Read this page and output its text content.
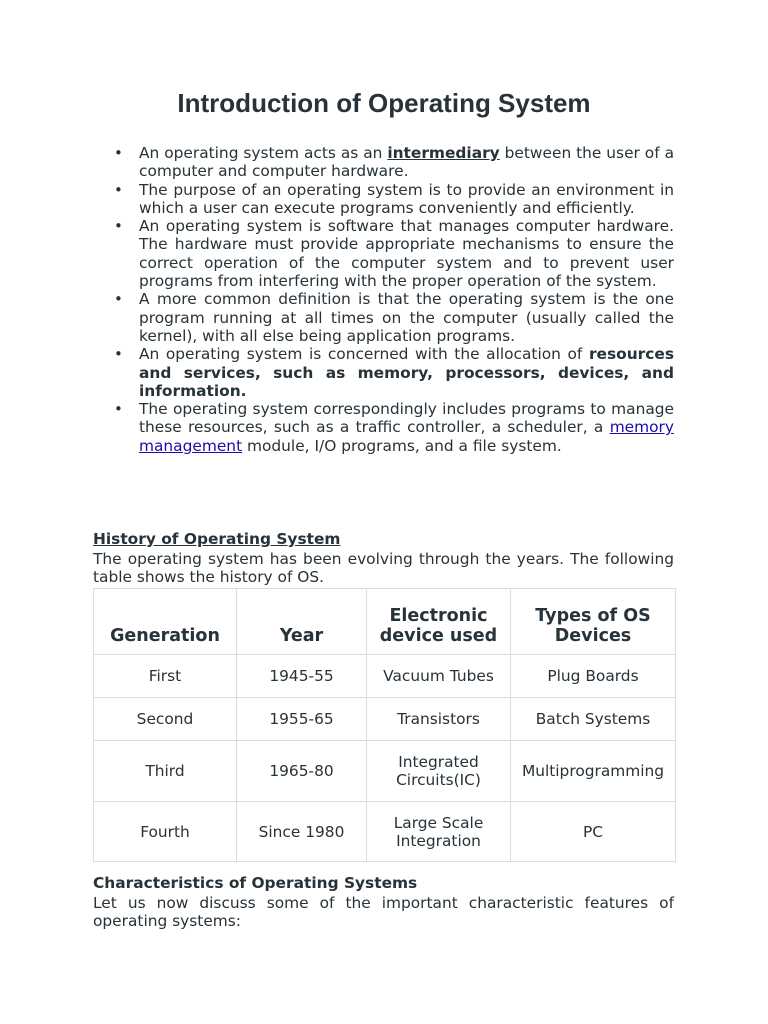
Introduction of Operating System
• An operating system acts as an intermediary between the user of a computer and computer hardware.
• The purpose of an operating system is to provide an environment in which a user can execute programs conveniently and efficiently.
• An operating system is software that manages computer hardware. The hardware must provide appropriate mechanisms to ensure the correct operation of the computer system and to prevent user programs from interfering with the proper operation of the system.
• A more common definition is that the operating system is the one program running at all times on the computer (usually called the kernel), with all else being application programs.
• An operating system is concerned with the allocation of resources and services, such as memory, processors, devices, and information.
• The operating system correspondingly includes programs to manage these resources, such as a traffic controller, a scheduler, a memory management module, I/O programs, and a file system.
History of Operating System

The operating system has been evolving through the years. The following table shows the history of OS.

Generation	Year	Electronic device used	Types of OS Devices
First	1945-55	Vacuum Tubes	Plug Boards
Second	1955-65	Transistors	Batch Systems
Third	1965-80	Integrated Circuits(IC)	Multiprogramming
Fourth	Since 1980	Large Scale Integration	PC
Characteristics of Operating Systems

Let us now discuss some of the important characteristic features of operating systems:
